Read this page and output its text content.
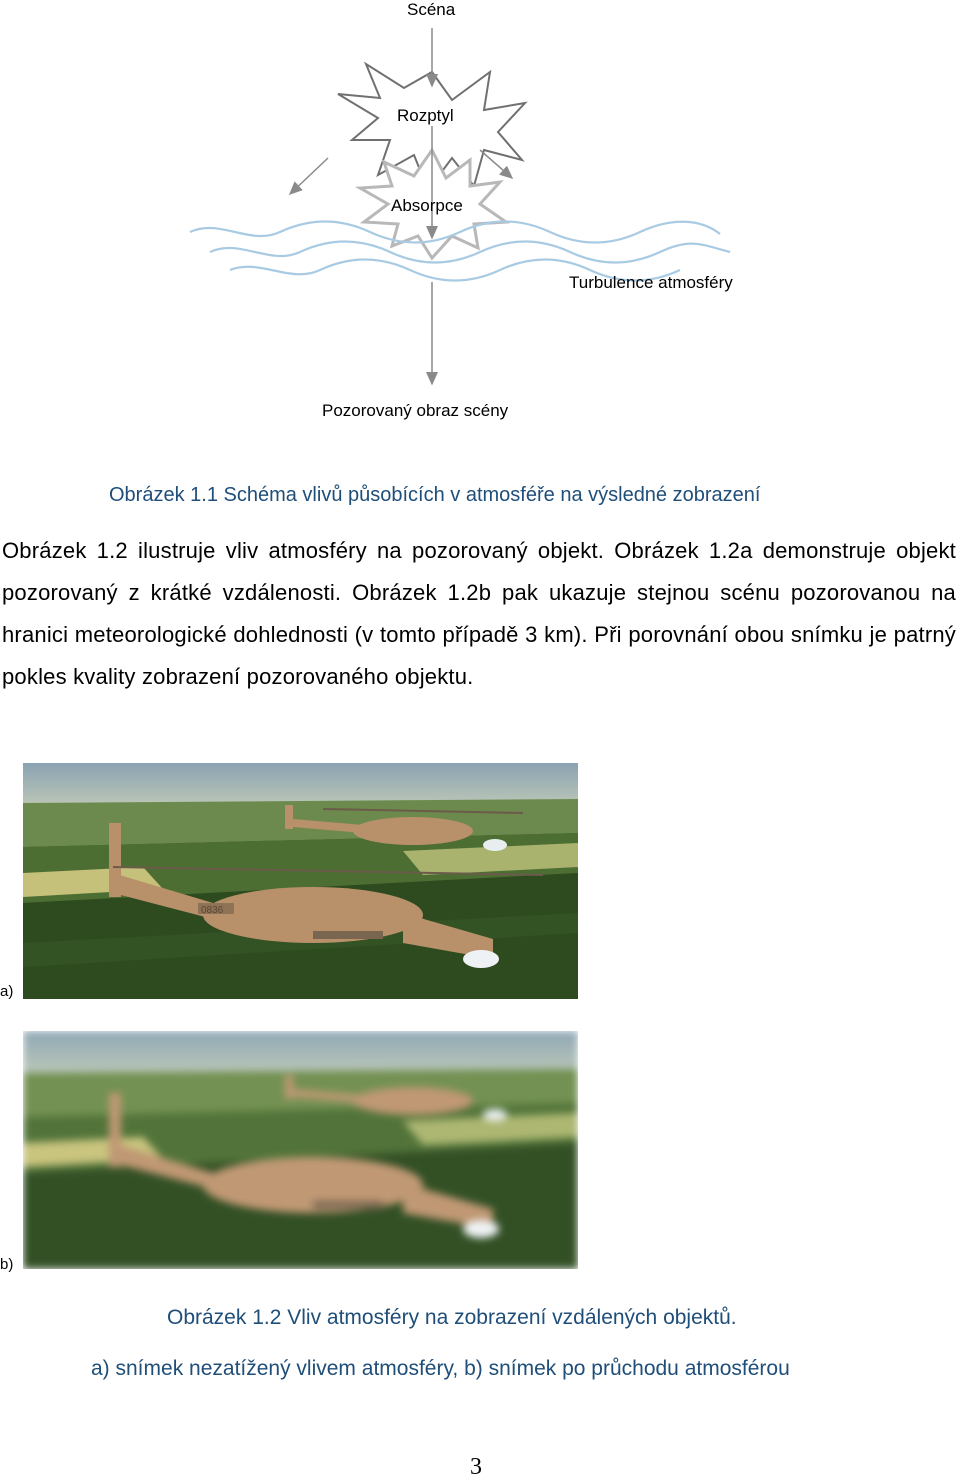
Scéna
Rozptyl
Absorpce
Turbulence atmosféry
Pozorovaný obraz scény
Obrázek 1.1 Schéma vlivů působících v atmosféře na výsledné zobrazení
Obrázek 1.2 ilustruje vliv atmosféry na pozorovaný objekt. Obrázek 1.2a demonstruje objekt pozorovaný z krátké vzdálenosti. Obrázek 1.2b pak ukazuje stejnou scénu pozorovanou na hranici meteorologické dohlednosti (v tomto případě 3 km). Při porovnání obou snímku je patrný pokles kvality zobrazení pozorovaného objektu.
0836
a)
b)
Obrázek 1.2 Vliv atmosféry na zobrazení vzdálených objektů.
a) snímek nezatížený vlivem atmosféry, b) snímek po průchodu atmosférou
3
